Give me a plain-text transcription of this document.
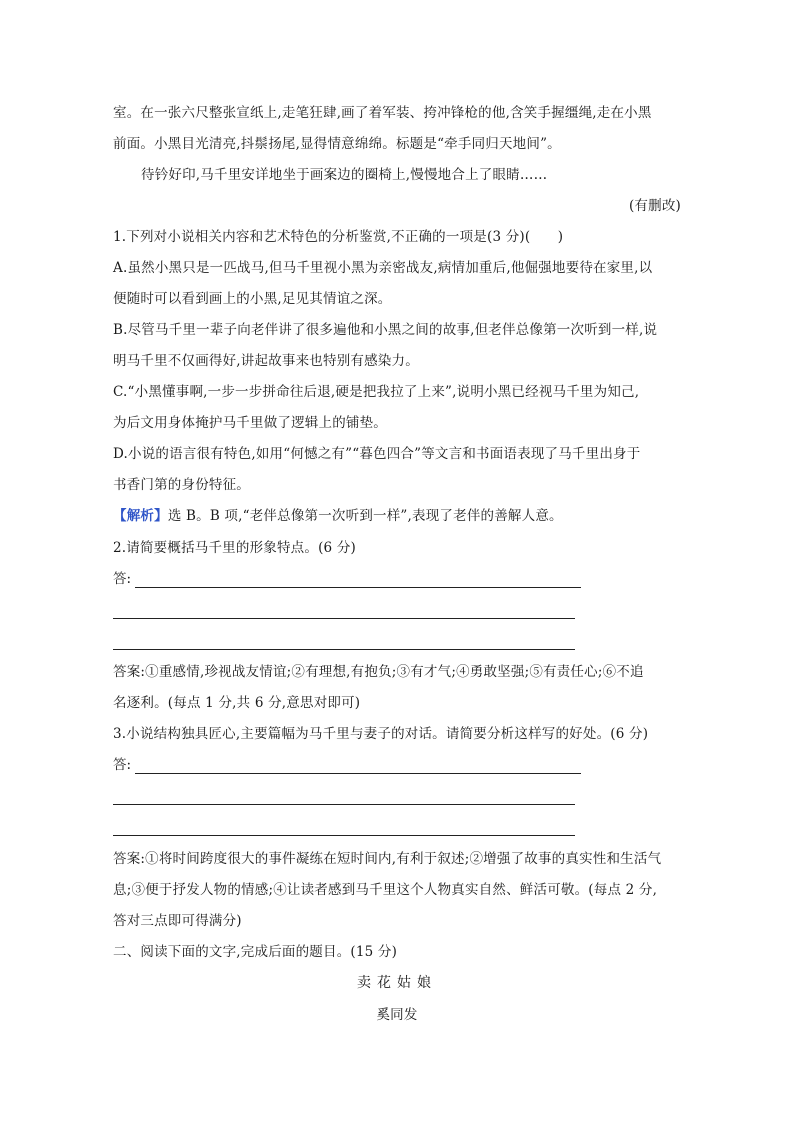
室。在一张六尺整张宣纸上,走笔狂肆,画了着军装、挎冲锋枪的他,含笑手握缰绳,走在小黑
前面。小黑目光清亮,抖鬃扬尾,显得情意绵绵。标题是“牵手同归天地间”。
待钤好印,马千里安详地坐于画案边的圈椅上,慢慢地合上了眼睛……
(有删改)
1.下列对小说相关内容和艺术特色的分析鉴赏,不正确的一项是(3 分)(　　)
A.虽然小黑只是一匹战马,但马千里视小黑为亲密战友,病情加重后,他倔强地要待在家里,以
便随时可以看到画上的小黑,足见其情谊之深。
B.尽管马千里一辈子向老伴讲了很多遍他和小黑之间的故事,但老伴总像第一次听到一样,说
明马千里不仅画得好,讲起故事来也特别有感染力。
C.“小黑懂事啊,一步一步拼命往后退,硬是把我拉了上来”,说明小黑已经视马千里为知己,
为后文用身体掩护马千里做了逻辑上的铺垫。
D.小说的语言很有特色,如用“何憾之有”“暮色四合”等文言和书面语表现了马千里出身于
书香门第的身份特征。
【解析】选 B。B 项,“老伴总像第一次听到一样”,表现了老伴的善解人意。
2.请简要概括马千里的形象特点。(6 分)
答:
答案:①重感情,珍视战友情谊;②有理想,有抱负;③有才气;④勇敢坚强;⑤有责任心;⑥不追
名逐利。(每点 1 分,共 6 分,意思对即可)
3.小说结构独具匠心,主要篇幅为马千里与妻子的对话。请简要分析这样写的好处。(6 分)
答:
答案:①将时间跨度很大的事件凝练在短时间内,有利于叙述;②增强了故事的真实性和生活气
息;③便于抒发人物的情感;④让读者感到马千里这个人物真实自然、鲜活可敬。(每点 2 分,
答对三点即可得满分)
二、阅读下面的文字,完成后面的题目。(15 分)
卖花姑娘
奚同发
